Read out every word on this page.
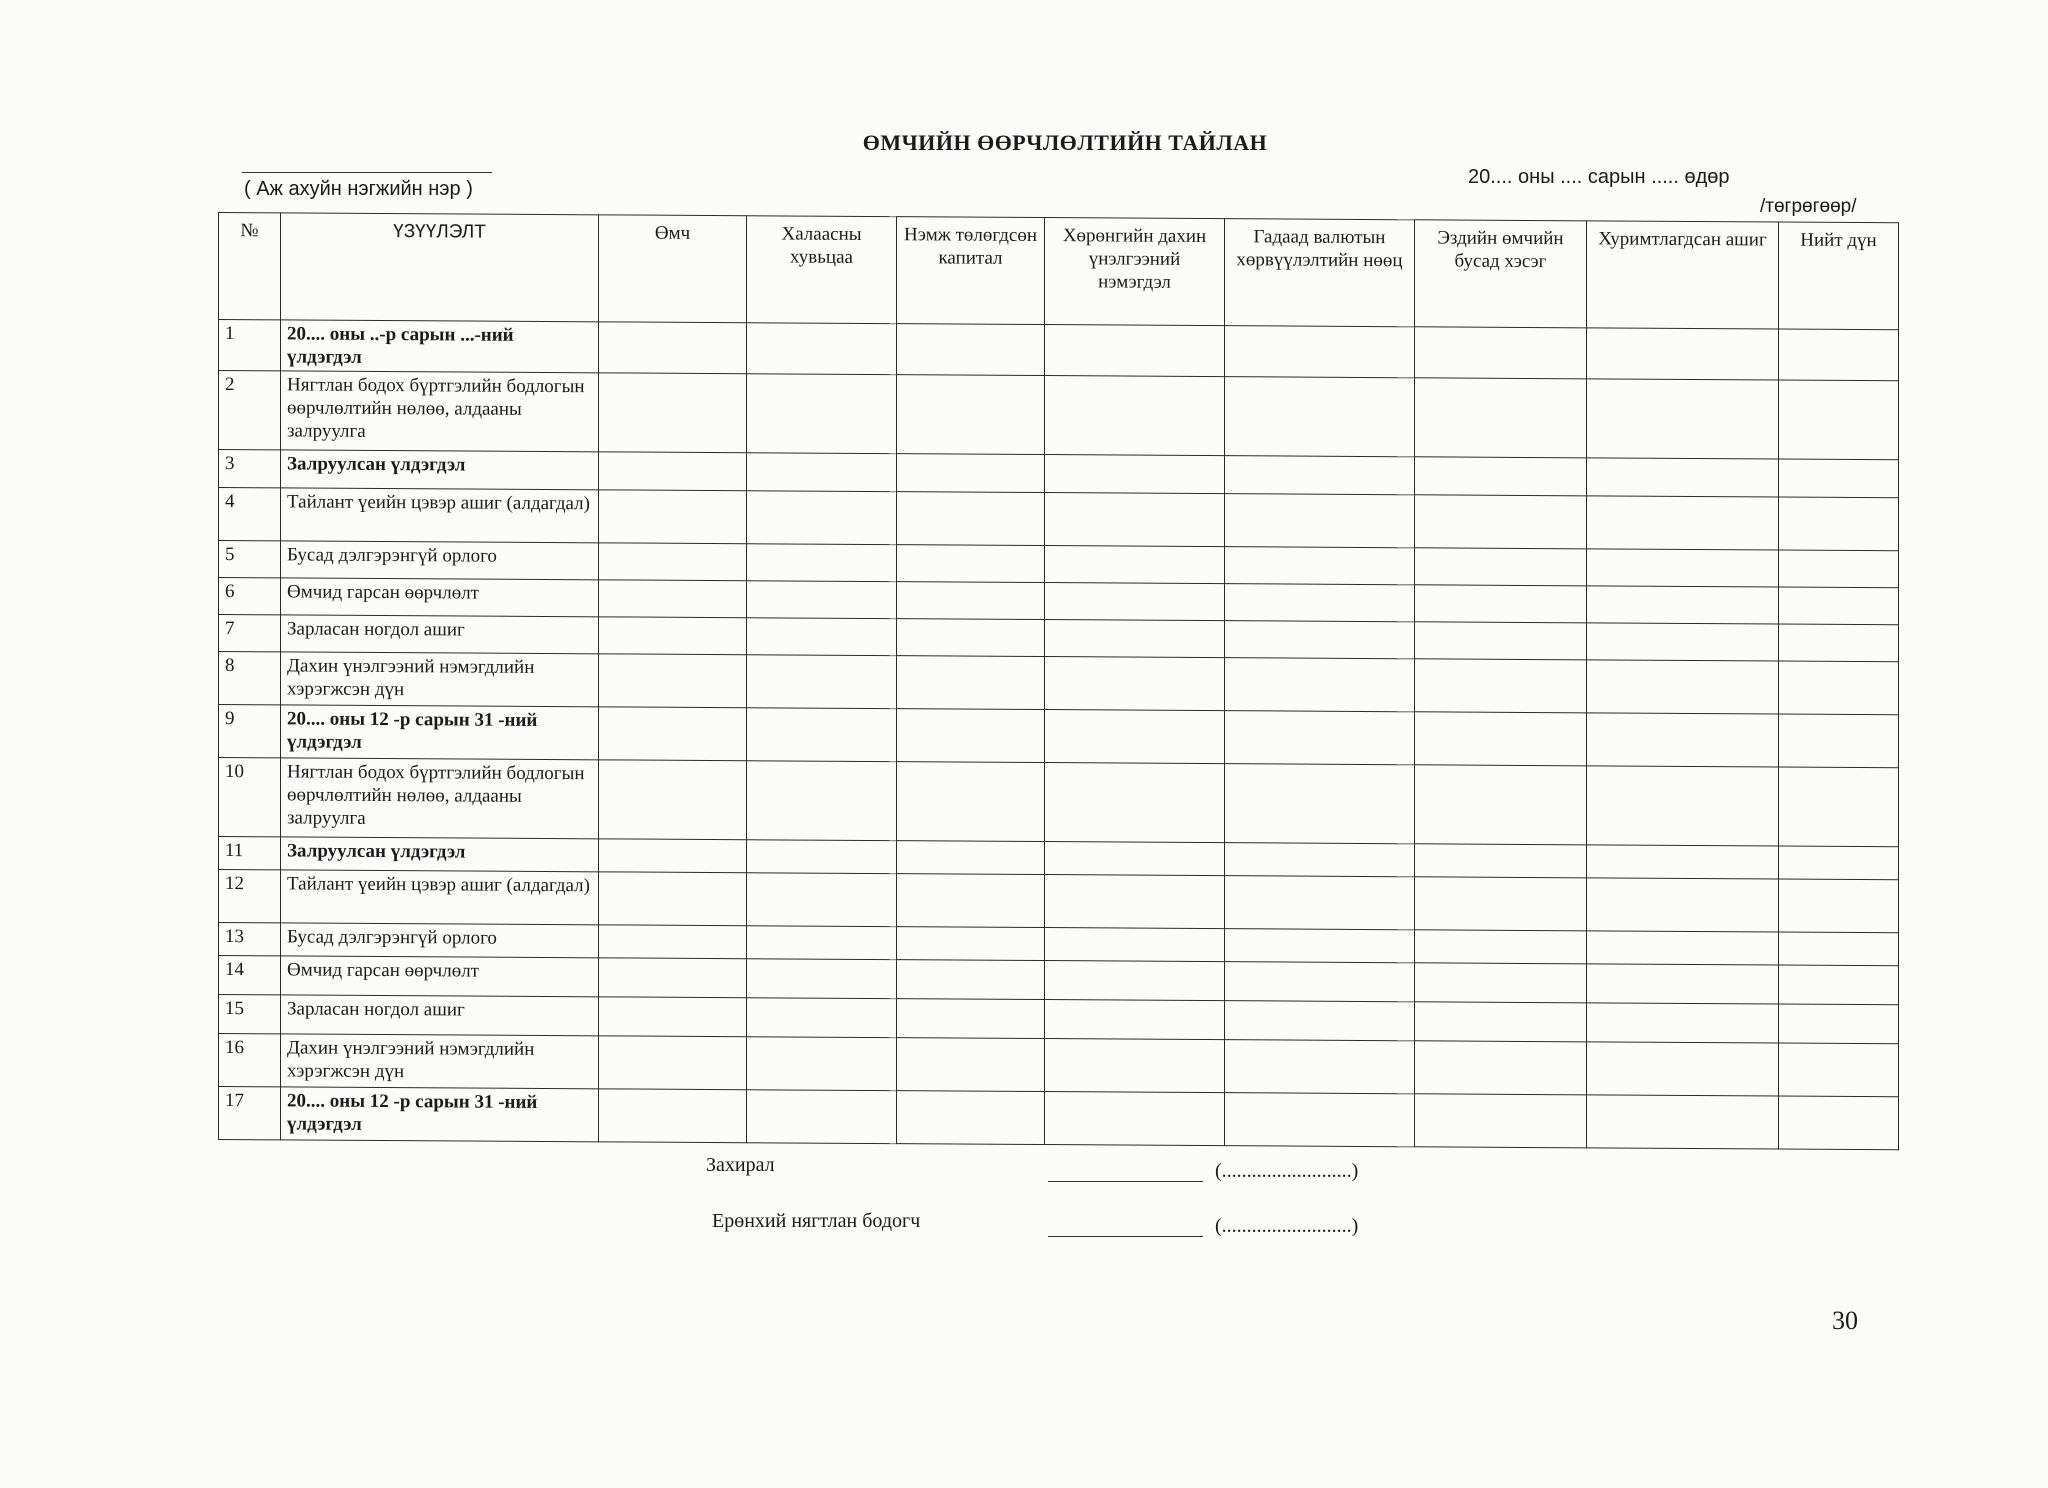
ӨМЧИЙН ӨӨРЧЛӨЛТИЙН ТАЙЛАН
( Аж ахуйн нэгжийн нэр )
20.... оны .... сарын ..... өдөр
/төгрөгөөр/
№	ҮЗҮҮЛЭЛТ	Өмч	Халаасны хувьцаа	Нэмж төлөгдсөн капитал	Хөрөнгийн дахин үнэлгээний нэмэгдэл	Гадаад валютын хөрвүүлэлтийн нөөц	Эздийн өмчийн бусад хэсэг	Хуримтлагдсан ашиг	Нийт дүн
1	20.... оны ..-р сарын ...-ний үлдэгдэл								
2	Нягтлан бодох бүртгэлийн бодлогын өөрчлөлтийн нөлөө, алдааны залруулга								
3	Залруулсан үлдэгдэл								
4	Тайлант үеийн цэвэр ашиг (алдагдал)								
5	Бусад дэлгэрэнгүй орлого								
6	Өмчид гарсан өөрчлөлт								
7	Зарласан ногдол ашиг								
8	Дахин үнэлгээний нэмэгдлийн хэрэгжсэн дүн								
9	20.... оны 12 -р сарын 31 -ний үлдэгдэл								
10	Нягтлан бодох бүртгэлийн бодлогын өөрчлөлтийн нөлөө, алдааны залруулга								
11	Залруулсан үлдэгдэл								
12	Тайлант үеийн цэвэр ашиг (алдагдал)								
13	Бусад дэлгэрэнгүй орлого								
14	Өмчид гарсан өөрчлөлт								
15	Зарласан ногдол ашиг								
16	Дахин үнэлгээний нэмэгдлийн хэрэгжсэн дүн								
17	20.... оны 12 -р сарын 31 -ний үлдэгдэл								
Захирал	(..........................)
Ерөнхий нягтлан бодогч	(..........................)
30
